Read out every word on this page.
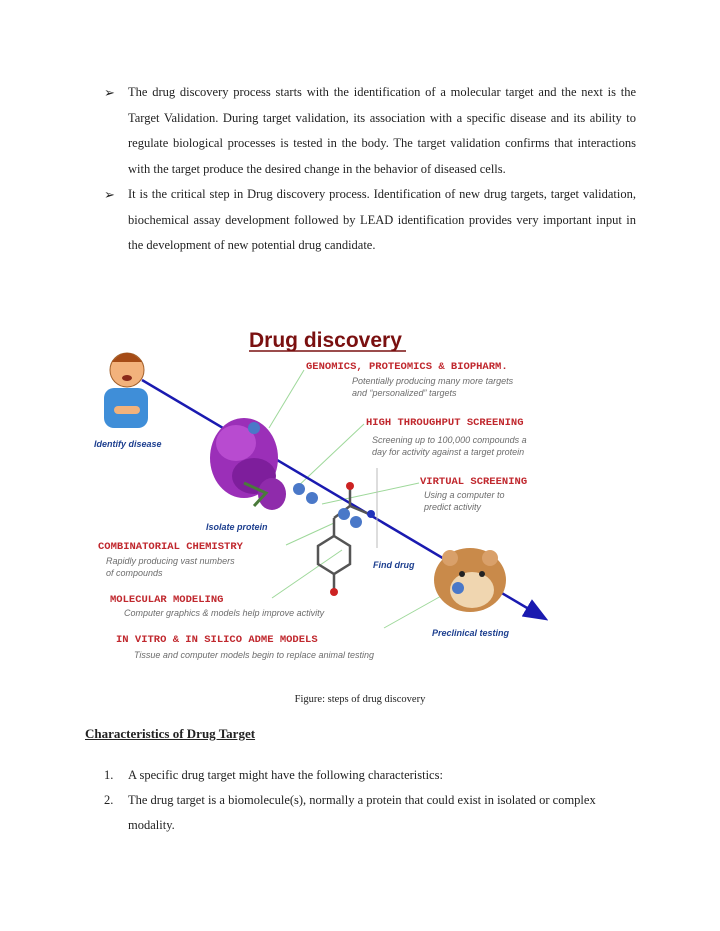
➢ The drug discovery process starts with the identification of a molecular target and the next is the Target Validation. During target validation, its association with a specific disease and its ability to regulate biological processes is tested in the body. The target validation confirms that interactions with the target produce the desired change in the behavior of diseased cells.
➢ It is the critical step in Drug discovery process. Identification of new drug targets, target validation, biochemical assay development followed by LEAD identification provides very important input in the development of new potential drug candidate.
Drug discovery
Identify disease
Isolate protein
Find drug
Preclinical testing
GENOMICS, PROTEOMICS & BIOPHARM.
Potentially producing many more targets
and “personalized” targets
HIGH THROUGHPUT SCREENING
Screening up to 100,000 compounds a
day for activity against a target protein
VIRTUAL SCREENING
Using a computer to
predict activity
COMBINATORIAL CHEMISTRY
Rapidly producing vast numbers
of compounds
MOLECULAR MODELING
Computer graphics & models help improve activity
IN VITRO & IN SILICO ADME MODELS
Tissue and computer models begin to replace animal testing
Figure: steps of drug discovery
Characteristics of Drug Target
1. A specific drug target might have the following characteristics:
2. The drug target is a biomolecule(s), normally a protein that could exist in isolated or complex modality.
